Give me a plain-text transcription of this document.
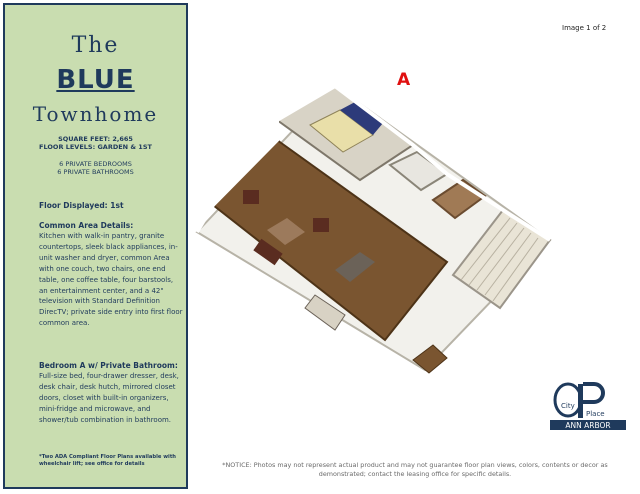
The
BLUE
Townhome
SQUARE FEET: 2,665
FLOOR LEVELS: GARDEN & 1ST
6 PRIVATE BEDROOMS
6 PRIVATE BATHROOMS
Floor Displayed: 1st
Common Area Details:
Kitchen with walk-in pantry, granite countertops, sleek black appliances, in-unit washer and dryer, common Area with one couch, two chairs, one end table, one coffee table, four barstools, an entertainment center, and a 42" television with Standard Definition DirecTV; private side entry into first floor common area.
Bedroom A w/ Private Bathroom:
Full-size bed, four-drawer dresser, desk, desk chair, desk hutch, mirrored closet doors, closet with built-in organizers, mini-fridge and microwave, and shower/tub combination in bathroom.
*Two ADA Compliant Floor Plans available with wheelchair lift; see office for details
Image 1 of 2
A
City
Place
ANN ARBOR
*NOTICE: Photos may not represent actual product and may not guarantee floor plan views, colors, contents or decor as demonstrated; contact the leasing office for specific details.
